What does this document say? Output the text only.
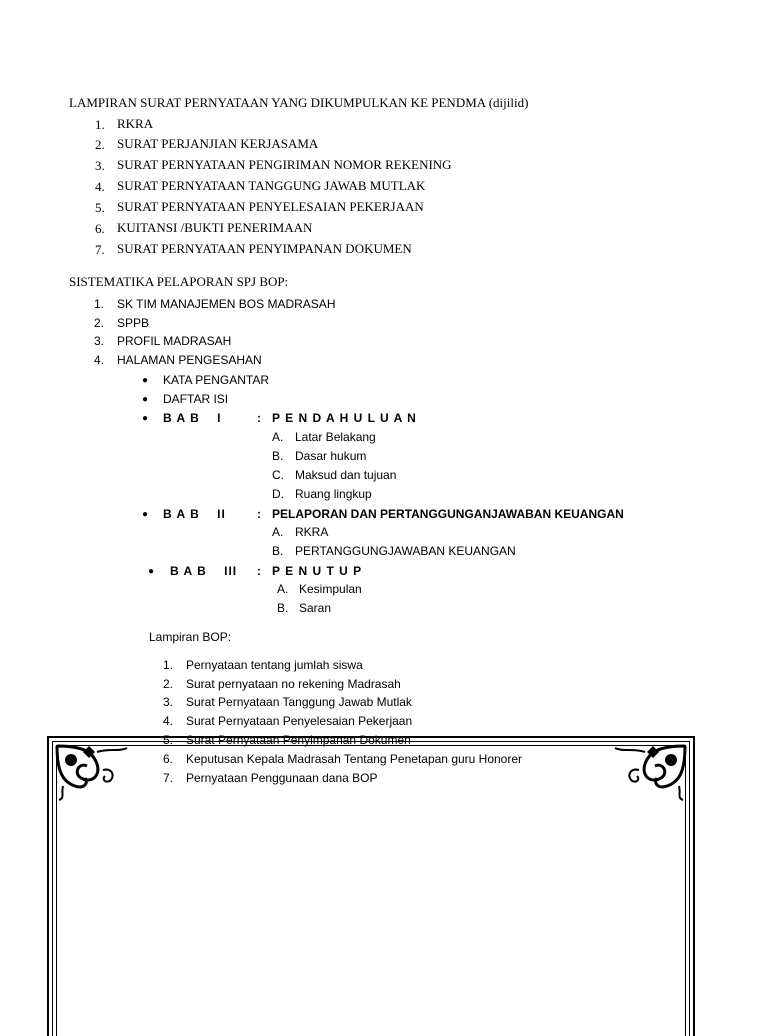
LAMPIRAN SURAT PERNYATAAN YANG DIKUMPULKAN KE PENDMA (dijilid)
1. RKRA
2. SURAT PERJANJIAN KERJASAMA
3. SURAT PERNYATAAN PENGIRIMAN NOMOR REKENING
4. SURAT PERNYATAAN TANGGUNG JAWAB MUTLAK
5. SURAT PERNYATAAN PENYELESAIAN PEKERJAAN
6. KUITANSI /BUKTI PENERIMAAN
7. SURAT PERNYATAAN PENYIMPANAN DOKUMEN
SISTEMATIKA PELAPORAN SPJ BOP:
1. SK TIM MANAJEMEN BOS MADRASAH
2. SPPB
3. PROFIL MADRASAH
4. HALAMAN PENGESAHAN
● KATA PENGANTAR
● DAFTAR ISI
● B A B    I	: P E N D A H U L U A N
A. Latar Belakang
B. Dasar hukum
C. Maksud dan tujuan
D. Ruang lingkup
● B A B    II	: PELAPORAN DAN PERTANGGUNGANJAWABAN KEUANGAN
A. RKRA
B. PERTANGGUNGJAWABAN KEUANGAN
● B A B    III : P E N U T U P
A. Kesimpulan
B. Saran
Lampiran BOP:
1. Pernyataan tentang jumlah siswa
2. Surat pernyataan no rekening Madrasah
3. Surat Pernyataan Tanggung Jawab Mutlak
4. Surat Pernyataan Penyelesaian Pekerjaan
5. Surat Pernyataan Penyimpanan Dokumen
6. Keputusan Kepala Madrasah Tentang Penetapan guru Honorer
7. Pernyataan Penggunaan dana BOP
